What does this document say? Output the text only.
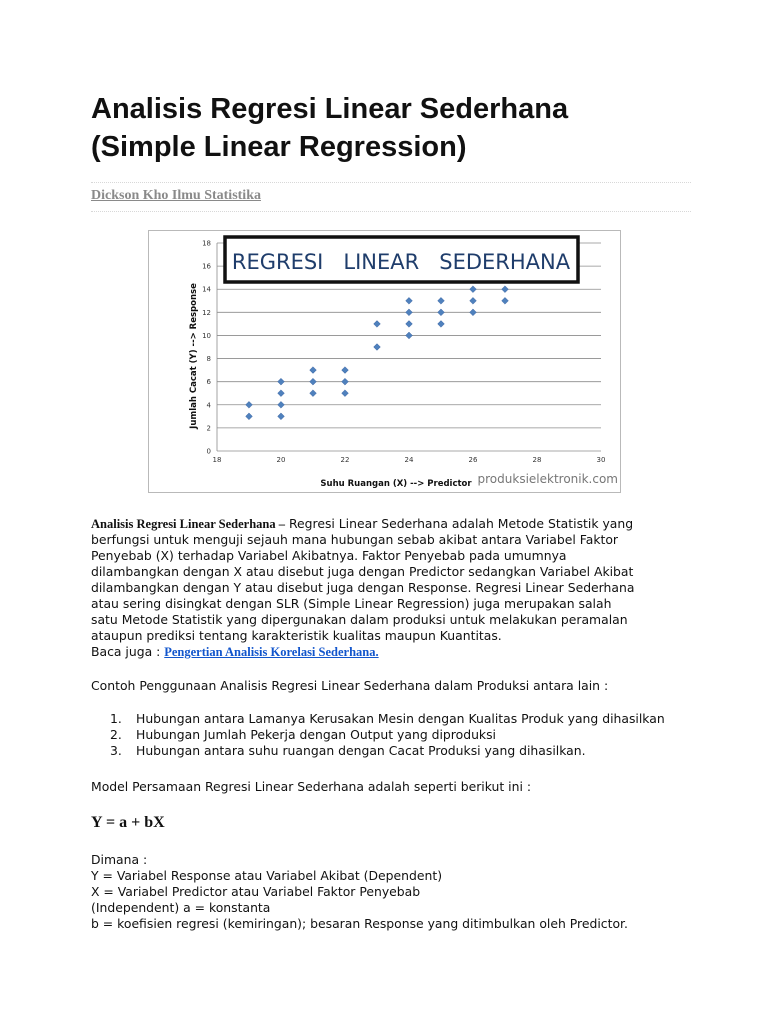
Analisis Regresi Linear Sederhana
(Simple Linear Regression)
Dickson Kho Ilmu Statistika
0
2
4
6
8
10
12
14
16
18
18	20	22	24	26	28	30
REGRESI   LINEAR   SEDERHANA
Jumlah Cacat (Y) --> Response
Suhu Ruangan (X) --> Predictor produksielektronik.com
Analisis Regresi Linear Sederhana – Regresi Linear Sederhana adalah Metode Statistik yang
berfungsi untuk menguji sejauh mana hubungan sebab akibat antara Variabel Faktor
Penyebab (X) terhadap Variabel Akibatnya. Faktor Penyebab pada umumnya
dilambangkan dengan X atau disebut juga dengan Predictor sedangkan Variabel Akibat
dilambangkan dengan Y atau disebut juga dengan Response. Regresi Linear Sederhana
atau sering disingkat dengan SLR (Simple Linear Regression) juga merupakan salah
satu Metode Statistik yang dipergunakan dalam produksi untuk melakukan peramalan
ataupun prediksi tentang karakteristik kualitas maupun Kuantitas.
Baca juga : Pengertian Analisis Korelasi Sederhana.
Contoh Penggunaan Analisis Regresi Linear Sederhana dalam Produksi antara lain :
1.	Hubungan antara Lamanya Kerusakan Mesin dengan Kualitas Produk yang dihasilkan
2.	Hubungan Jumlah Pekerja dengan Output yang diproduksi
3.	Hubungan antara suhu ruangan dengan Cacat Produksi yang dihasilkan.
Model Persamaan Regresi Linear Sederhana adalah seperti berikut ini :
Y = a + bX
Dimana :
Y = Variabel Response atau Variabel Akibat (Dependent)
X = Variabel Predictor atau Variabel Faktor Penyebab
(Independent) a = konstanta
b = koefisien regresi (kemiringan); besaran Response yang ditimbulkan oleh Predictor.
